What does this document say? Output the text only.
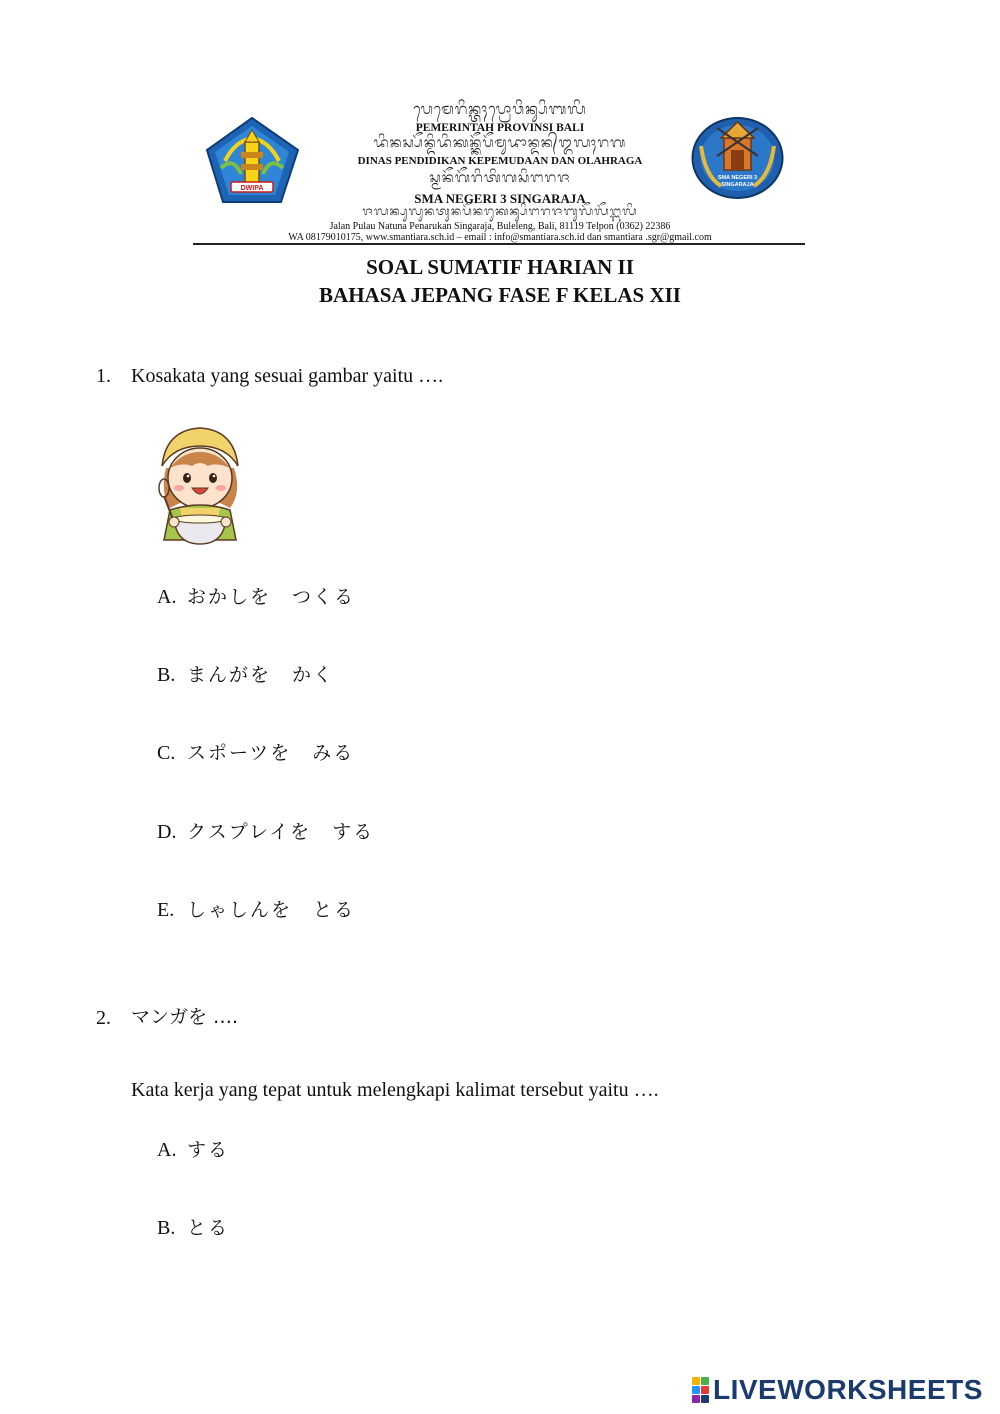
DWIPA
SMA NEGERI 3
SINGARAJA
ᬧᬾᬫᬾᬭᬶᬦ᭄ᬢᬄᬧ᭄ᬭᭀᬯᬶᬦ᭄ᬲᬶᬩᬮᬶ
PEMERINTAH PROVINSI BALI
ᬤᬶᬦᬲ᭄ᬧᭂᬦ᭄ᬤᬶᬤᬶᬓᬦ᭄ᬓᭂᬧᭂᬫᬸᬤᬵᬦ᭄ᬤᬦ᭄ᬑᬮᬄᬭᬕ
DINAS PENDIDIKAN KEPEMUDAAN DAN OLAHRAGA
ᬲ᭄ᬫᬦᭂᬕᭂᬭᬶᬢᬶᬕᬲᬶᬗᬭᬚ
SMA NEGERI 3 SINGARAJA
ᬚᬮᬦ᭄ᬧᬸᬮᬸᬦᬢᬸᬦᬧᭂᬦᬭᬸᬓᬦ᭄ᬲᬶᬗᬭᬚᬩᬸᬮᭂᬮᭂᬗ᭄ᬩᬮᬶ
Jalan Pulau Natuna Penarukan Singaraja, Buleleng, Bali, 81119 Telpon (0362) 22386
WA 08179010175, www.smantiara.sch.id – email : info@smantiara.sch.id dan smantiara .sgr@gmail.com
SOAL SUMATIF HARIAN II
BAHASA JEPANG FASE F KELAS XII
1. Kosakata yang sesuai gambar yaitu ….
A. おかしを　つくる
B. まんがを　かく
C. スポーツを　みる
D. クスプレイを　する
E. しゃしんを　とる
2. マンガを ….
Kata kerja yang tepat untuk melengkapi kalimat tersebut yaitu ….
A. する
B. とる
LIVEWORKSHEETS
